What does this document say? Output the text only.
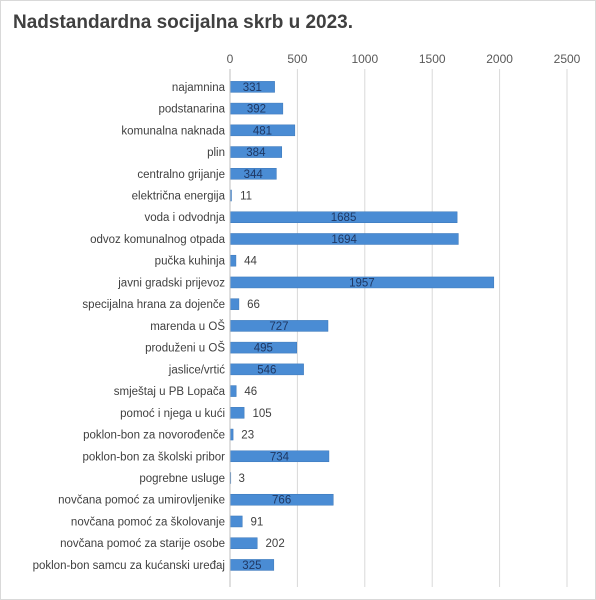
Nadstandardna socijalna skrb u 2023.
0	500	1000	1500	2000	2500
najamnina 331
podstanarina 392
komunalna naknada 481
plin 384
centralno grijanje 344
električna energija 11
voda i odvodnja	1685
odvoz komunalnog otpada	1694
pučka kuhinja 44
javni gradski prijevoz	1957
specijalna hrana za dojenče 66
marenda u OŠ	727
produženi u OŠ	495
jaslice/vrtić	546
smještaj u PB Lopača 46
pomoć i njega u kući 105
poklon-bon za novorođenče 23
poklon-bon za školski pribor	734
pogrebne usluge 3
novčana pomoć za umirovljenike	766
novčana pomoć za školovanje 91
novčana pomoć za starije osobe	202
poklon-bon samcu za kućanski uređaj 325
